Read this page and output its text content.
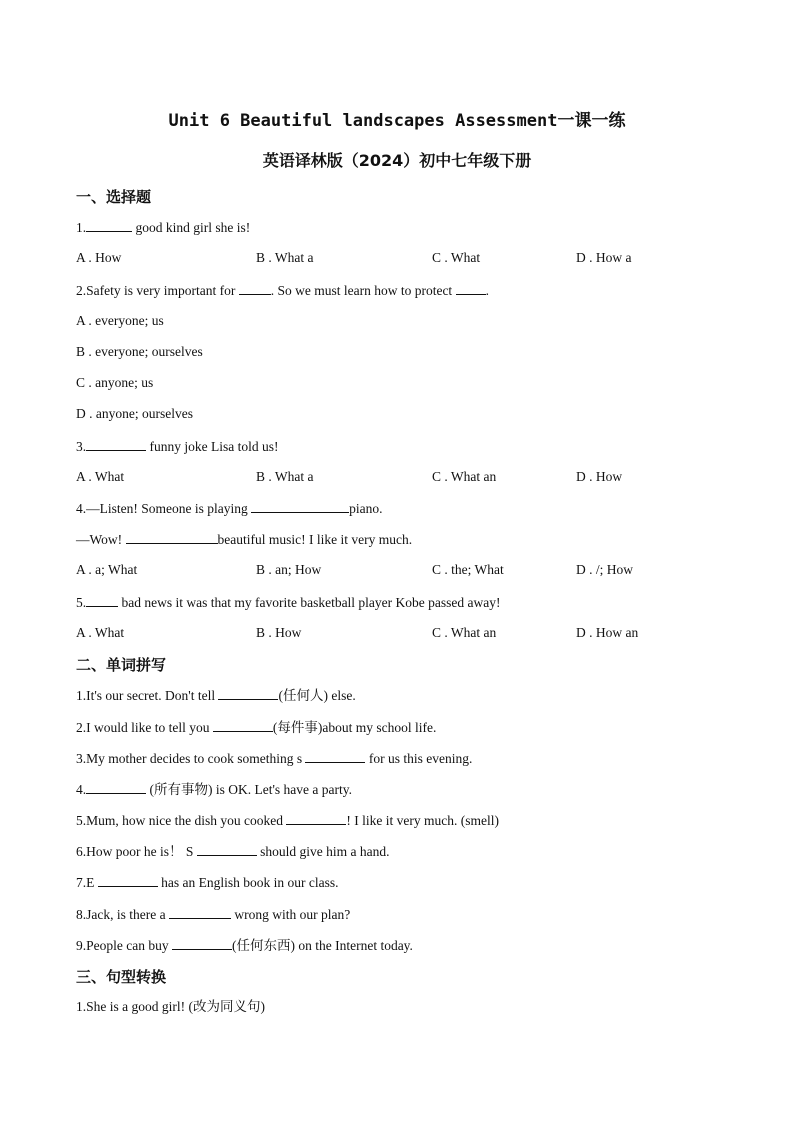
Unit 6 Beautiful landscapes Assessment一课一练
英语译林版（2024）初中七年级下册
一、选择题
1.	good kind girl she is!
A . How	B . What a	C . What	D . How a
2.Safety is very important for . So we must learn how to protect .
A . everyone; us
B . everyone; ourselves
C . anyone; us
D . anyone; ourselves
3.	funny joke Lisa told us!
A . What	B . What a	C . What an	D . How
4.—Listen! Someone is playing	piano.
—Wow!	beautiful music! I like it very much.
A . a; What	B . an; How	C . the; What	D . /; How
5. bad news it was that my favorite basketball player Kobe passed away!
A . What	B . How	C . What an	D . How an
二、单词拼写
1.It's our secret. Don't tell	(任何人) else.
2.I would like to tell you	(每件事)about my school life.
3.My mother decides to cook something s	for us this evening.
4.	(所有事物) is OK. Let's have a party.
5.Mum, how nice the dish you cooked	! I like it very much. (smell)
6.How poor he is！ S	should give him a hand.
7.E	has an English book in our class.
8.Jack, is there a	wrong with our plan?
9.People can buy	(任何东西) on the Internet today.
三、句型转换
1.She is a good girl! (改为同义句)
